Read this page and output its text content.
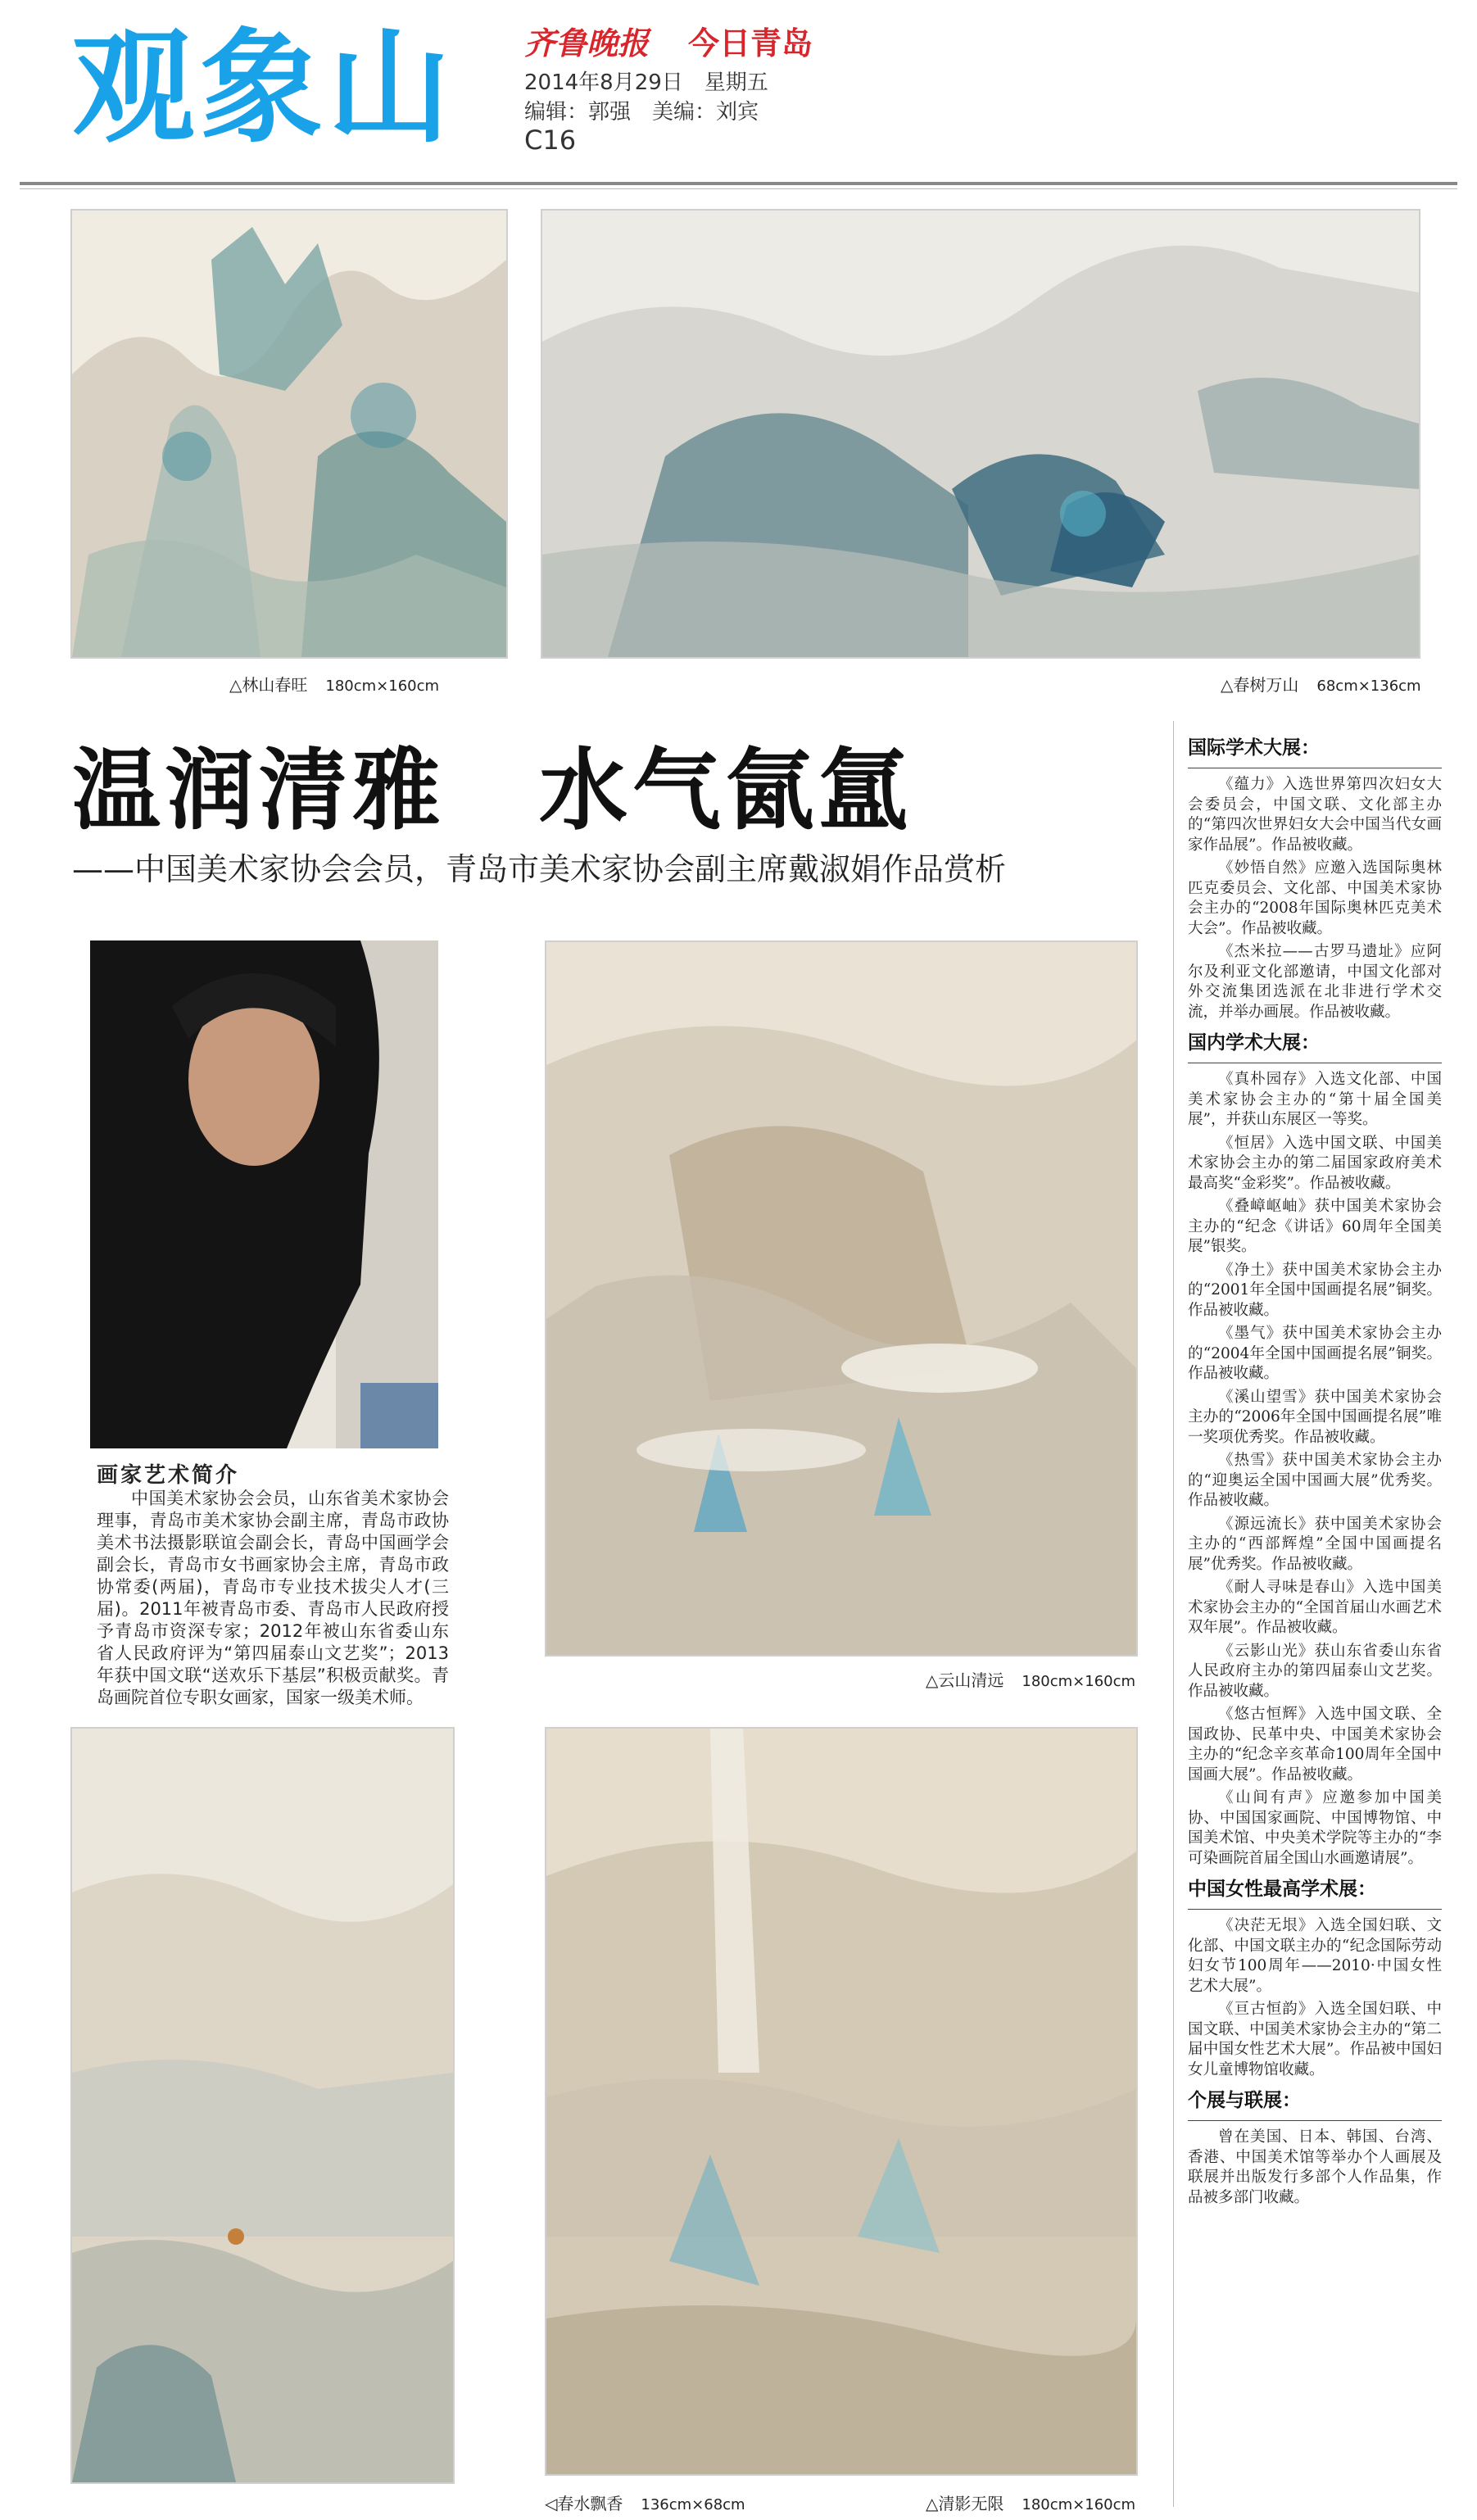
观象山 齐鲁晚报 今日青岛
2014年8月29日　星期五
编辑：郭强　美编：刘宾
C16
△林山春旺 180cm×160cm	△春树万山 68cm×136cm
温润清雅　水气氤氲
——中国美术家协会会员，青岛市美术家协会副主席戴淑娟作品赏析
画家艺术简介
中国美术家协会会员，山东省美术家协会理事，青岛市美术家协会副主席，青岛市政协美术书法摄影联谊会副会长，青岛中国画学会副会长，青岛市女书画家协会主席，青岛市政协常委(两届)，青岛市专业技术拔尖人才(三届)。2011年被青岛市委、青岛市人民政府授予青岛市资深专家；2012年被山东省委山东省人民政府评为“第四届泰山文艺奖”；2013年获中国文联“送欢乐下基层”积极贡献奖。青岛画院首位专职女画家，国家一级美术师。
△云山清远 180cm×160cm
◁春水飘香 136cm×68cm	△清影无限 180cm×160cm
国际学术大展：

《蕴力》入选世界第四次妇女大会委员会，中国文联、文化部主办的“第四次世界妇女大会中国当代女画家作品展”。作品被收藏。

《妙悟自然》应邀入选国际奥林匹克委员会、文化部、中国美术家协会主办的“2008年国际奥林匹克美术大会”。作品被收藏。

《杰米拉——古罗马遗址》应阿尔及利亚文化部邀请，中国文化部对外交流集团选派在北非进行学术交流，并举办画展。作品被收藏。

国内学术大展：

《真朴园存》入选文化部、中国美术家协会主办的“第十届全国美展”，并获山东展区一等奖。

《恒居》入选中国文联、中国美术家协会主办的第二届国家政府美术最高奖“金彩奖”。作品被收藏。

《叠嶂岖岫》获中国美术家协会主办的“纪念《讲话》60周年全国美展”银奖。

《净土》获中国美术家协会主办的“2001年全国中国画提名展”铜奖。作品被收藏。

《墨气》获中国美术家协会主办的“2004年全国中国画提名展”铜奖。作品被收藏。

《溪山望雪》获中国美术家协会主办的“2006年全国中国画提名展”唯一奖项优秀奖。作品被收藏。

《热雪》获中国美术家协会主办的“迎奥运全国中国画大展”优秀奖。作品被收藏。

《源远流长》获中国美术家协会主办的“西部辉煌”全国中国画提名展”优秀奖。作品被收藏。

《耐人寻味是春山》入选中国美术家协会主办的“全国首届山水画艺术双年展”。作品被收藏。

《云影山光》获山东省委山东省人民政府主办的第四届泰山文艺奖。作品被收藏。

《悠古恒辉》入选中国文联、全国政协、民革中央、中国美术家协会主办的“纪念辛亥革命100周年全国中国画大展”。作品被收藏。

《山间有声》应邀参加中国美协、中国国家画院、中国博物馆、中国美术馆、中央美术学院等主办的“李可染画院首届全国山水画邀请展”。

中国女性最高学术展：

《决茫无垠》入选全国妇联、文化部、中国文联主办的“纪念国际劳动妇女节100周年——2010·中国女性艺术大展”。

《亘古恒韵》入选全国妇联、中国文联、中国美术家协会主办的“第二届中国女性艺术大展”。作品被中国妇女儿童博物馆收藏。

个展与联展：

曾在美国、日本、韩国、台湾、香港、中国美术馆等举办个人画展及联展并出版发行多部个人作品集，作品被多部门收藏。
